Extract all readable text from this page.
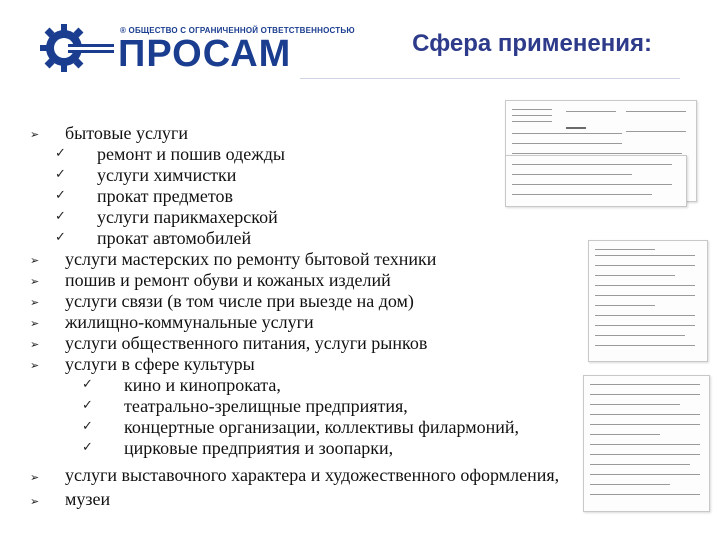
® ОБЩЕСТВО С ОГРАНИЧЕННОЙ ОТВЕТСТВЕННОСТЬЮ
ПРОСАМ	Сфера применения:
➢ бытовые услуги
✓ ремонт и пошив одежды
✓ услуги химчистки
✓ прокат предметов
✓ услуги парикмахерской
✓ прокат автомобилей
➢ услуги мастерских по ремонту бытовой техники
➢ пошив и ремонт обуви и кожаных изделий
➢ услуги связи (в том числе при выезде на дом)
➢ жилищно-коммунальные услуги
➢ услуги общественного питания, услуги рынков
➢ услуги в сфере культуры
✓ кино и кинопроката,
✓ театрально-зрелищные предприятия,
✓ концертные организации, коллективы филармоний,
✓ цирковые предприятия и зоопарки,
➢ услуги выставочного характера и художественного оформления,
➢ музеи
